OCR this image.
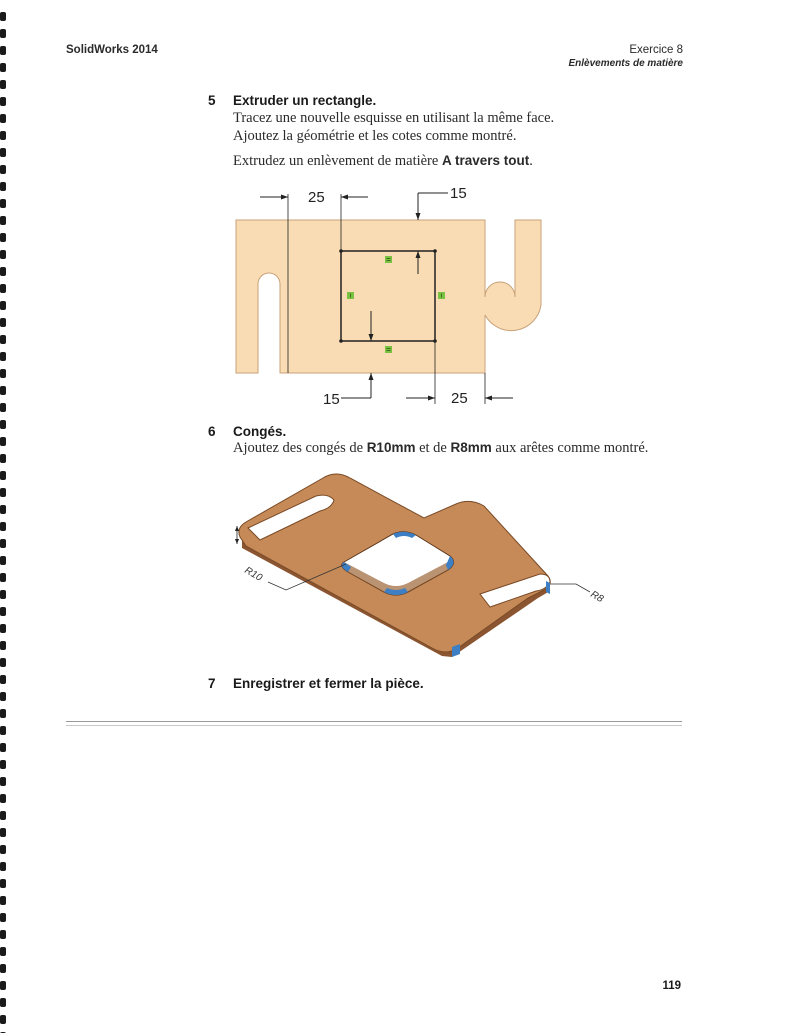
SolidWorks 2014	Exercice 8
Enlèvements de matière
5 Extruder un rectangle.
Tracez une nouvelle esquisse en utilisant la même face.
Ajoutez la géométrie et les cotes comme montré.
Extrudez un enlèvement de matière A travers tout.
25	15
15	25
6 Congés.
Ajoutez des congés de R10mm et de R8mm aux arêtes comme montré.
R10
R8
7 Enregistrer et fermer la pièce.
119
